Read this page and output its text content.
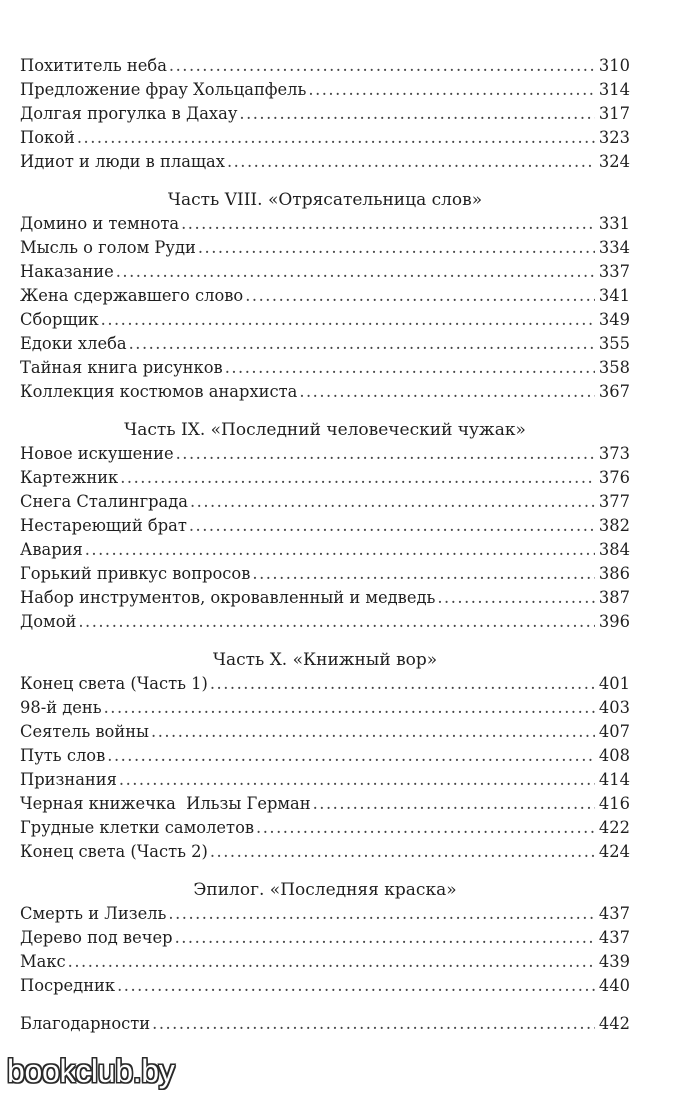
Похититель неба .....	310
Предложение фрау Хольцапфель .....	314
Долгая прогулка в Дахау .....	317
Покой .....	323
Идиот и люди в плащах .....	324
Часть VIII. «Отрясательница слов»
Домино и темнота .....	331
Мысль о голом Руди .....	334
Наказание .....	337
Жена сдержавшего слово .....	341
Сборщик .....	349
Едоки хлеба .....	355
Тайная книга рисунков .....	358
Коллекция костюмов анархиста .....	367
Часть IX. «Последний человеческий чужак»
Новое искушение .....	373
Картежник .....	376
Снега Сталинграда .....	377
Нестареющий брат .....	382
Авария .....	384
Горький привкус вопросов .....	386
Набор инструментов, окровавленный и медведь .....	387
Домой .....	396
Часть X. «Книжный вор»
Конец света (Часть 1) .....	401
98-й день .....	403
Сеятель войны .....	407
Путь слов .....	408
Признания .....	414
Черная книжечка  Ильзы Герман .....	416
Грудные клетки самолетов .....	422
Конец света (Часть 2) .....	424
Эпилог. «Последняя краска»
Смерть и Лизель .....	437
Дерево под вечер .....	437
Макс .....	439
Посредник .....	440
Благодарности .....	442
bookclub.by
